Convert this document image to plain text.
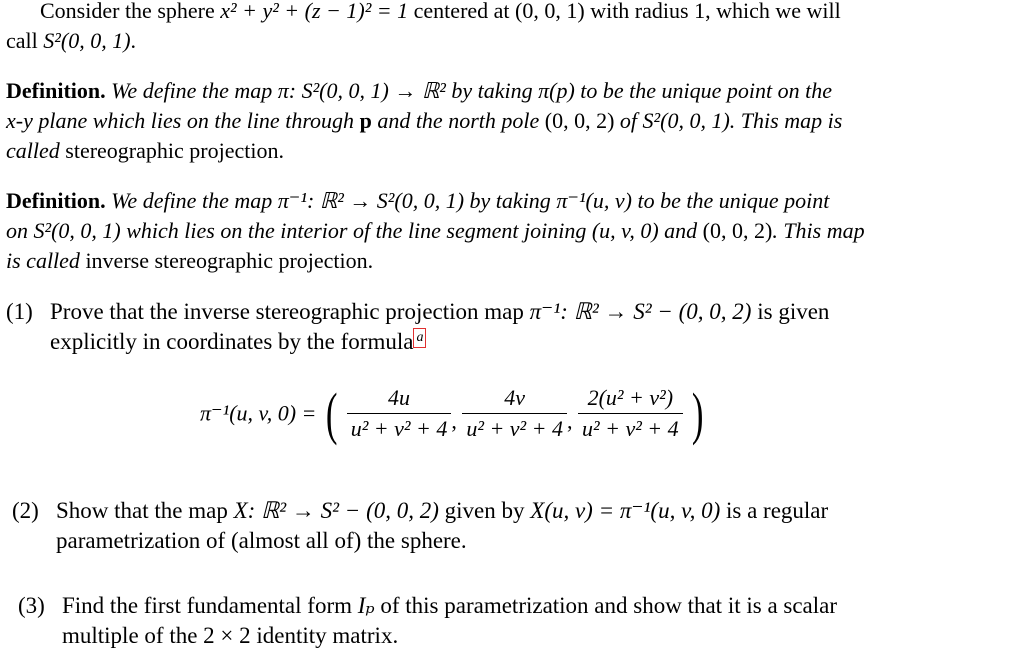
Consider the sphere x² + y² + (z − 1)² = 1 centered at (0, 0, 1) with radius 1, which we will
call S²(0, 0, 1).
Definition. We define the map π: S²(0, 0, 1) → ℝ² by taking π(p) to be the unique point on the
x-y plane which lies on the line through p and the north pole (0, 0, 2) of S²(0, 0, 1). This map is
called stereographic projection.
Definition. We define the map π⁻¹: ℝ² → S²(0, 0, 1) by taking π⁻¹(u, v) to be the unique point
on S²(0, 0, 1) which lies on the interior of the line segment joining (u, v, 0) and (0, 0, 2). This map
is called inverse stereographic projection.
(1) Prove that the inverse stereographic projection map π⁻¹: ℝ² → S² − (0, 0, 2) is given
explicitly in coordinates by the formula a
π⁻¹(u, v, 0) = ( $\frac{4u}{\text{u² + v² + 4}}$ , $\frac{4v}{\text{u² + v² + 4}}$ , $\frac{\text{2(u² + v²)}}{\text{u² + v² + 4}}$ )
(2) Show that the map X: ℝ² → S² − (0, 0, 2) given by X(u, v) = π⁻¹(u, v, 0) is a regular
parametrization of (almost all of) the sphere.
(3) Find the first fundamental form Iₚ of this parametrization and show that it is a scalar
multiple of the 2 × 2 identity matrix.
